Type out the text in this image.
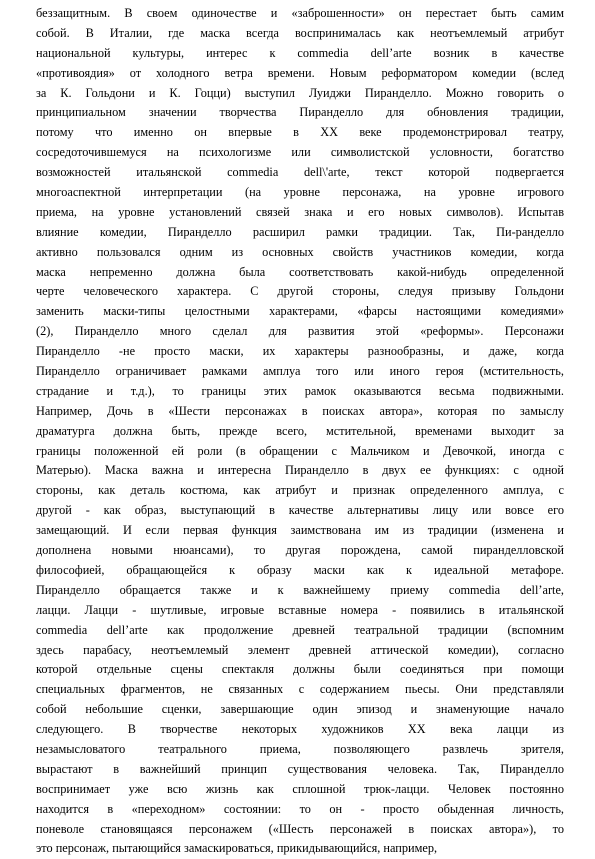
беззащитным. В своем одиночестве и «заброшенности» он перестает быть самим
собой. В Италии, где маска всегда воспринималась как неотъемлемый атрибут
национальной культуры, интерес к commedia dell’arte возник в качестве
«противоядия» от холодного ветра времени. Новым реформатором комедии (вслед
за К. Гольдони и К. Гоцци) выступил Луиджи Пиранделло. Можно говорить о
принципиальном значении творчества Пиранделло для обновления традиции,
потому что именно он впервые в XX веке продемонстрировал театру,
сосредоточившемуся на психологизме или символистской условности, богатство
возможностей итальянской commedia dell\'arte, текст которой подвергается
многоаспектной интерпретации (на уровне персонажа, на уровне игрового
приема, на уровне установлений связей знака и его новых символов). Испытав
влияние комедии, Пиранделло расширил рамки традиции. Так, Пи-ранделло
активно пользовался одним из основных свойств участников комедии, когда
маска непременно должна была соответствовать какой-нибудь определенной
черте человеческого характера. С другой стороны, следуя призыву Гольдони
заменить маски-типы целостными характерами, «фарсы настоящими комедиями»
(2), Пиранделло много сделал для развития этой «реформы». Персонажи
Пиранделло -не просто маски, их характеры разнообразны, и даже, когда
Пиранделло ограничивает рамками амплуа того или иного героя (мстительность,
страдание и т.д.), то границы этих рамок оказываются весьма подвижными.
Например, Дочь в «Шести персонажах в поисках автора», которая по замыслу
драматурга должна быть, прежде всего, мстительной, временами выходит за
границы положенной ей роли (в обращении с Мальчиком и Девочкой, иногда с
Матерью). Маска важна и интересна Пиранделло в двух ее функциях: с одной
стороны, как деталь костюма, как атрибут и признак определенного амплуа, с
другой - как образ, выступающий в качестве альтернативы лицу или вовсе его
замещающий. И если первая функция заимствована им из традиции (изменена и
дополнена новыми нюансами), то другая порождена, самой пиранделловской
философией, обращающейся к образу маски как к идеальной метафоре.
Пиранделло обращается также и к важнейшему приему commedia dell’arte,
лацци. Лацци - шутливые, игровые вставные номера - появились в итальянской
commedia dell’arte как продолжение древней театральной традиции (вспомним
здесь парабасу, неотъемлемый элемент древней аттической комедии), согласно
которой отдельные сцены спектакля должны были соединяться при помощи
специальных фрагментов, не связанных с содержанием пьесы. Они представляли
собой небольшие сценки, завершающие один эпизод и знаменующие начало
следующего. В творчестве некоторых художников XX века лацци из
незамысловатого театрального приема, позволяющего развлечь зрителя,
вырастают в важнейший принцип существования человека. Так, Пиранделло
воспринимает уже всю жизнь как сплошной трюк-лацци. Человек постоянно
находится в «переходном» состоянии: то он - просто обыденная личность,
поневоле становящаяся персонажем («Шесть персонажей в поисках автора»), то
это персонаж, пытающийся замаскироваться, прикидывающийся, например,
